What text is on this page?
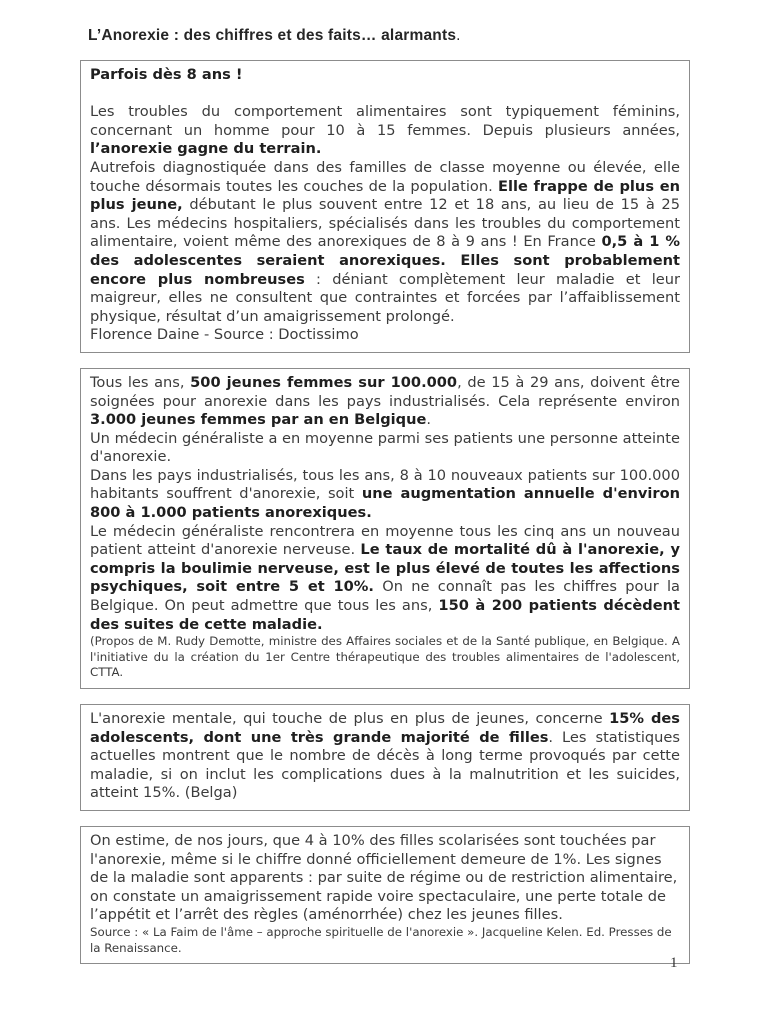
L’Anorexie : des chiffres et des faits… alarmants.

Parfois dès 8 ans !

Les troubles du comportement alimentaires sont typiquement féminins, concernant un homme pour 10 à 15 femmes. Depuis plusieurs années, l’anorexie gagne du terrain.

Autrefois diagnostiquée dans des familles de classe moyenne ou élevée, elle touche désormais toutes les couches de la population. Elle frappe de plus en plus jeune, débutant le plus souvent entre 12 et 18 ans, au lieu de 15 à 25 ans. Les médecins hospitaliers, spécialisés dans les troubles du comportement alimentaire, voient même des anorexiques de 8 à 9 ans ! En France 0,5 à 1 % des adolescentes seraient anorexiques. Elles sont probablement encore plus nombreuses : déniant complètement leur maladie et leur maigreur, elles ne consultent que contraintes et forcées par l’affaiblissement physique, résultat d’un amaigrissement prolongé.

Florence Daine - Source : Doctissimo

Tous les ans, 500 jeunes femmes sur 100.000, de 15 à 29 ans, doivent être soignées pour anorexie dans les pays industrialisés. Cela représente environ 3.000 jeunes femmes par an en Belgique.

Un médecin généraliste a en moyenne parmi ses patients une personne atteinte d'anorexie.

Dans les pays industrialisés, tous les ans, 8 à 10 nouveaux patients sur 100.000 habitants souffrent d'anorexie, soit une augmentation annuelle d'environ 800 à 1.000 patients anorexiques.

Le médecin généraliste rencontrera en moyenne tous les cinq ans un nouveau patient atteint d'anorexie nerveuse. Le taux de mortalité dû à l'anorexie, y compris la boulimie nerveuse, est le plus élevé de toutes les affections psychiques, soit entre 5 et 10%. On ne connaît pas les chiffres pour la Belgique. On peut admettre que tous les ans, 150 à 200 patients décèdent des suites de cette maladie.

(Propos de M. Rudy Demotte, ministre des Affaires sociales et de la Santé publique, en Belgique. A l'initiative du la création du 1er Centre thérapeutique des troubles alimentaires de l'adolescent, CTTA.

L'anorexie mentale, qui touche de plus en plus de jeunes, concerne 15% des adolescents, dont une très grande majorité de filles. Les statistiques actuelles montrent que le nombre de décès à long terme provoqués par cette maladie, si on inclut les complications dues à la malnutrition et les suicides, atteint 15%. (Belga)

On estime, de nos jours, que 4 à 10% des filles scolarisées sont touchées par l'anorexie, même si le chiffre donné officiellement demeure de 1%. Les signes de la maladie sont apparents : par suite de régime ou de restriction alimentaire, on constate un amaigrissement rapide voire spectaculaire, une perte totale de l’appétit et l’arrêt des règles (aménorrhée) chez les jeunes filles.

Source : « La Faim de l'âme – approche spirituelle de l'anorexie ». Jacqueline Kelen. Ed. Presses de la Renaissance.

1
